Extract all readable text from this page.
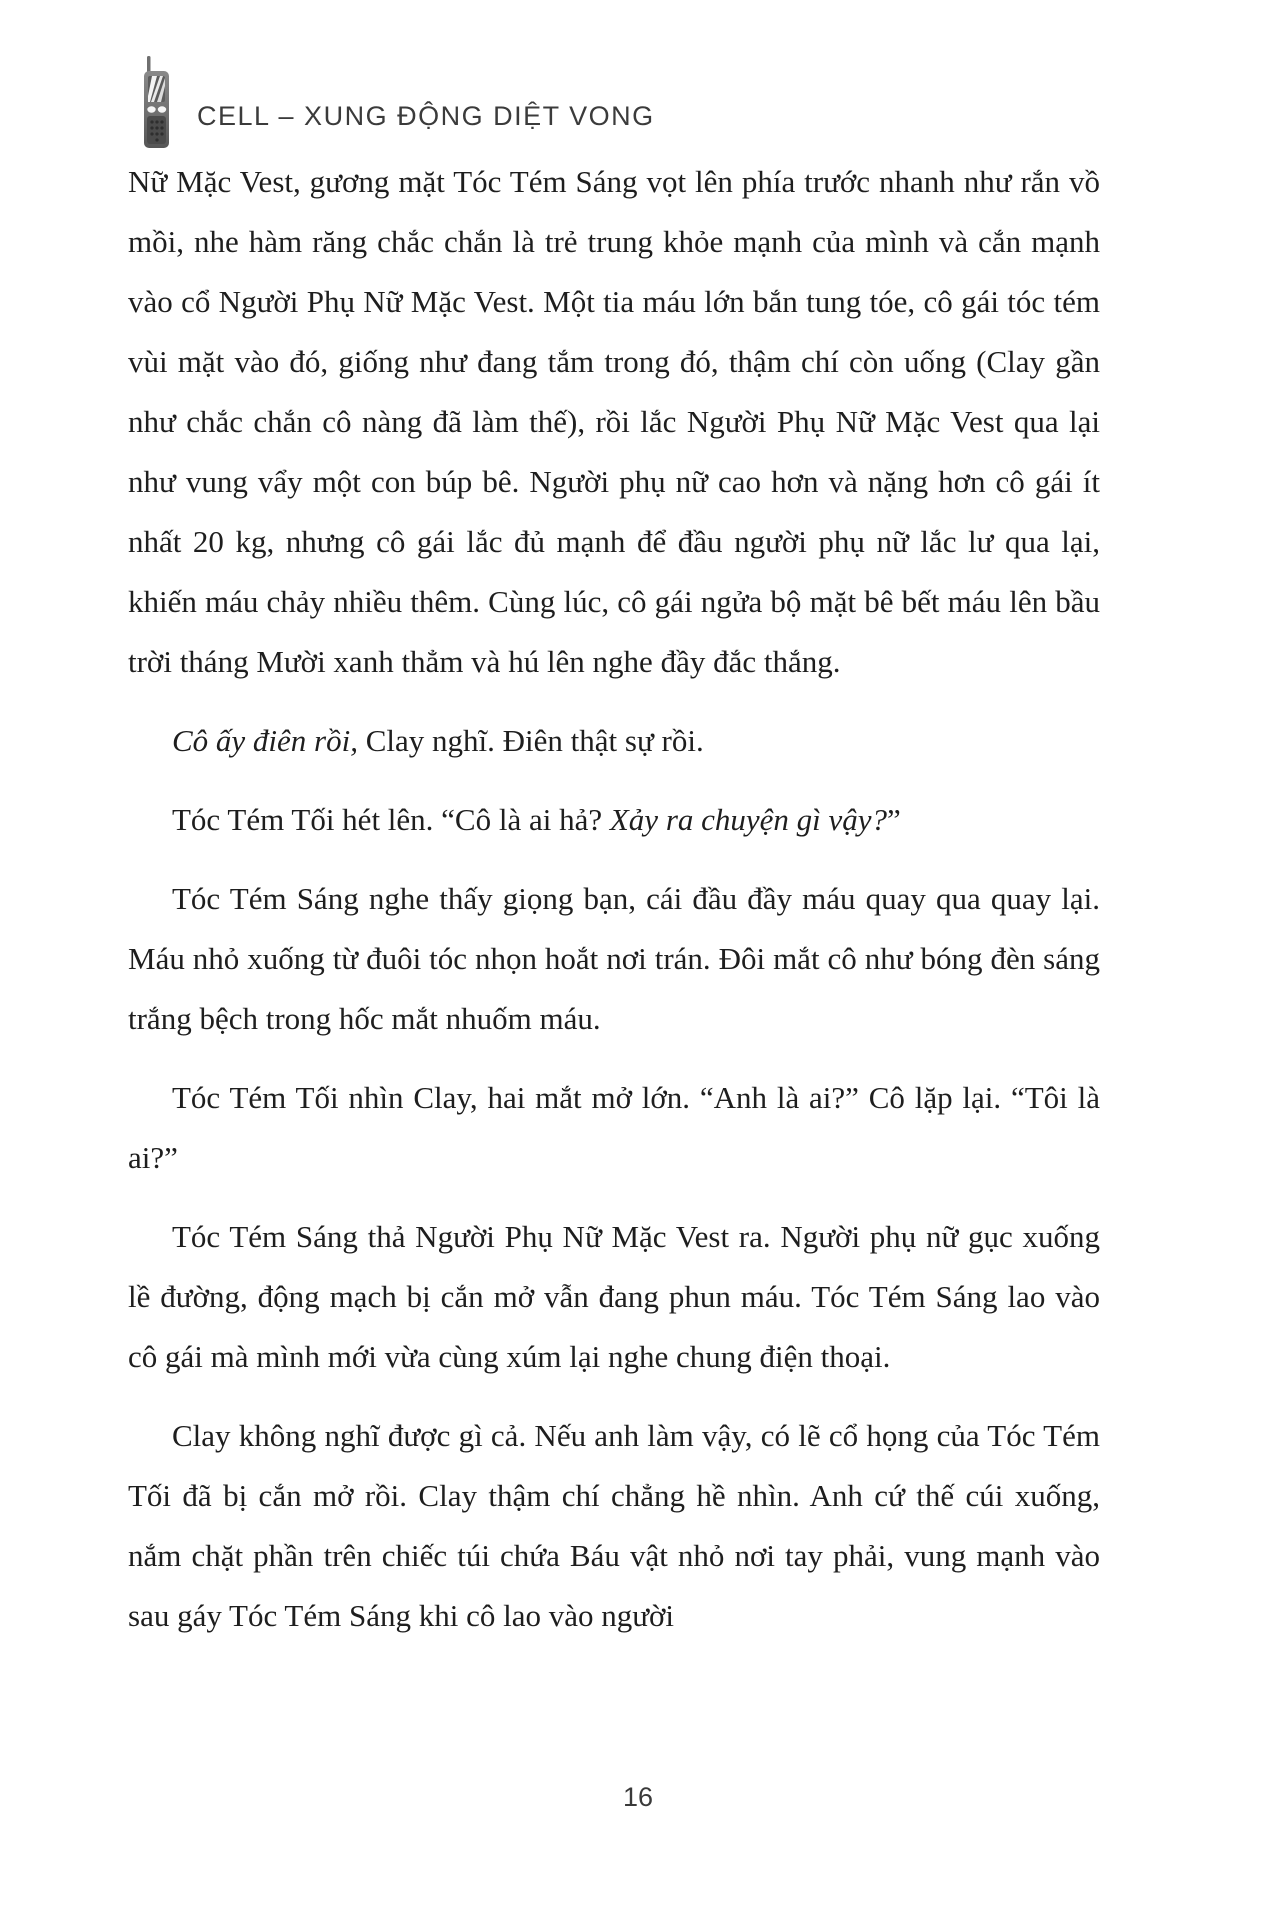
CELL – XUNG ĐỘNG DIỆT VONG

Nữ Mặc Vest, gương mặt Tóc Tém Sáng vọt lên phía trước nhanh như rắn vồ mồi, nhe hàm răng chắc chắn là trẻ trung khỏe mạnh của mình và cắn mạnh vào cổ Người Phụ Nữ Mặc Vest. Một tia máu lớn bắn tung tóe, cô gái tóc tém vùi mặt vào đó, giống như đang tắm trong đó, thậm chí còn uống (Clay gần như chắc chắn cô nàng đã làm thế), rồi lắc Người Phụ Nữ Mặc Vest qua lại như vung vẩy một con búp bê. Người phụ nữ cao hơn và nặng hơn cô gái ít nhất 20 kg, nhưng cô gái lắc đủ mạnh để đầu người phụ nữ lắc lư qua lại, khiến máu chảy nhiều thêm. Cùng lúc, cô gái ngửa bộ mặt bê bết máu lên bầu trời tháng Mười xanh thẳm và hú lên nghe đầy đắc thắng.

Cô ấy điên rồi, Clay nghĩ. Điên thật sự rồi.

Tóc Tém Tối hét lên. “Cô là ai hả? Xảy ra chuyện gì vậy?”

Tóc Tém Sáng nghe thấy giọng bạn, cái đầu đầy máu quay qua quay lại. Máu nhỏ xuống từ đuôi tóc nhọn hoắt nơi trán. Đôi mắt cô như bóng đèn sáng trắng bệch trong hốc mắt nhuốm máu.

Tóc Tém Tối nhìn Clay, hai mắt mở lớn. “Anh là ai?” Cô lặp lại. “Tôi là ai?”

Tóc Tém Sáng thả Người Phụ Nữ Mặc Vest ra. Người phụ nữ gục xuống lề đường, động mạch bị cắn mở vẫn đang phun máu. Tóc Tém Sáng lao vào cô gái mà mình mới vừa cùng xúm lại nghe chung điện thoại.

Clay không nghĩ được gì cả. Nếu anh làm vậy, có lẽ cổ họng của Tóc Tém Tối đã bị cắn mở rồi. Clay thậm chí chẳng hề nhìn. Anh cứ thế cúi xuống, nắm chặt phần trên chiếc túi chứa Báu vật nhỏ nơi tay phải, vung mạnh vào sau gáy Tóc Tém Sáng khi cô lao vào người

16
